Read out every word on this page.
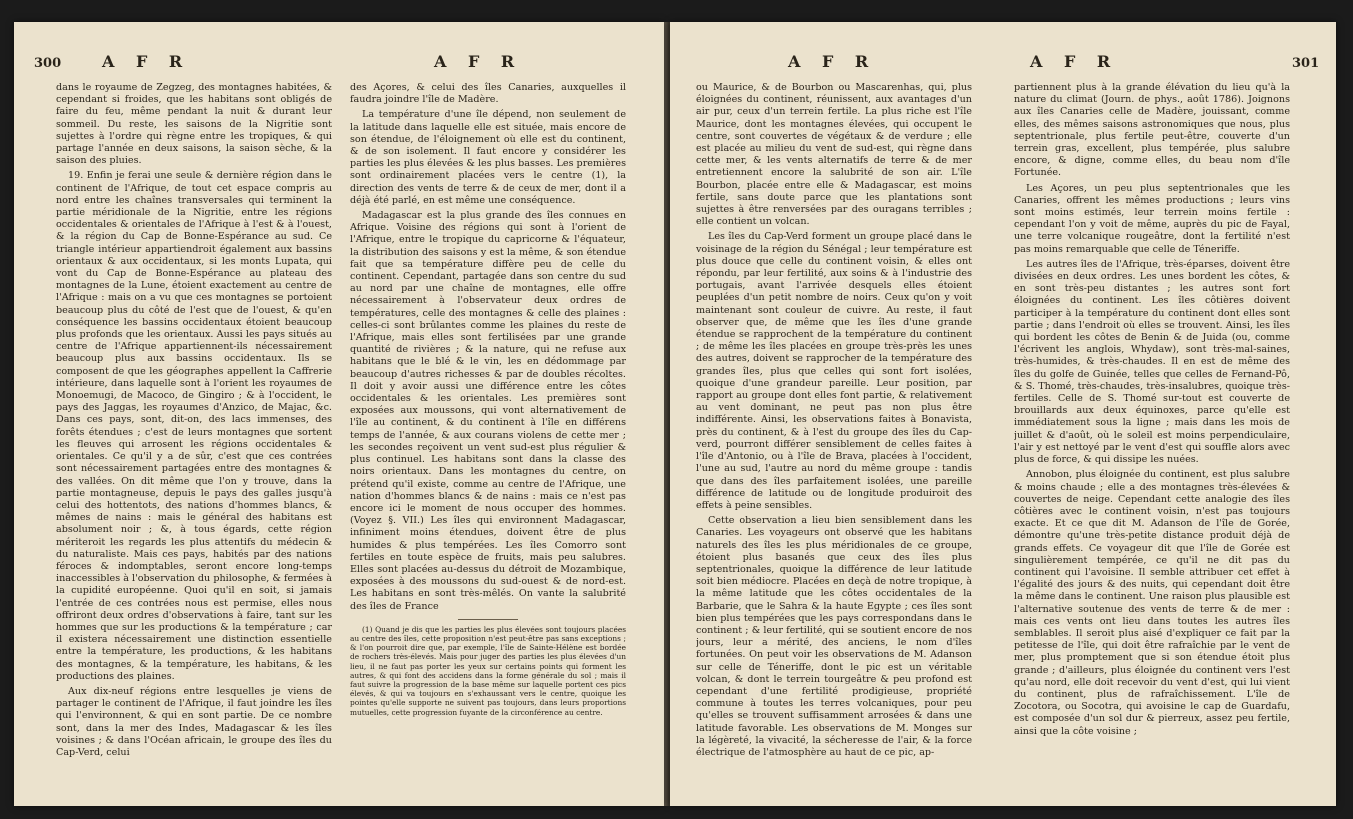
300	A F R	A F R

dans le royaume de Zegzeg, des montagnes habitées, & cependant si froides, que les habitans sont obligés de faire du feu, même pendant la nuit & durant leur sommeil. Du reste, les saisons de la Nigritie sont sujettes à l'ordre qui règne entre les tropiques, & qui partage l'année en deux saisons, la saison sèche, & la saison des pluies.

19. Enfin je ferai une seule & dernière région dans le continent de l'Afrique, de tout cet espace compris au nord entre les chaînes transversales qui terminent la partie méridionale de la Nigritie, entre les régions occidentales & orientales de l'Afrique à l'est & à l'ouest, & la région du Cap de Bonne-Espérance au sud. Ce triangle intérieur appartiendroit également aux bassins orientaux & aux occidentaux, si les monts Lupata, qui vont du Cap de Bonne-Espérance au plateau des montagnes de la Lune, étoient exactement au centre de l'Afrique : mais on a vu que ces montagnes se portoient beaucoup plus du côté de l'est que de l'ouest, & qu'en conséquence les bassins occidentaux étoient beaucoup plus profonds que les orientaux. Aussi les pays situés au centre de l'Afrique appartiennent-ils nécessairement beaucoup plus aux bassins occidentaux. Ils se composent de que les géographes appellent la Caffrerie intérieure, dans laquelle sont à l'orient les royaumes de Monoemugi, de Macoco, de Gingiro ; & à l'occident, le pays des Jaggas, les royaumes d'Anzico, de Majac, &c. Dans ces pays, sont, dit-on, des lacs immenses, des forêts étendues ; c'est de leurs montagnes que sortent les fleuves qui arrosent les régions occidentales & orientales. Ce qu'il y a de sûr, c'est que ces contrées sont nécessairement partagées entre des montagnes & des vallées. On dit même que l'on y trouve, dans la partie montagneuse, depuis le pays des galles jusqu'à celui des hottentots, des nations d'hommes blancs, & mêmes de nains : mais le général des habitans est absolument noir ; &, à tous égards, cette région mériteroit les regards les plus attentifs du médecin & du naturaliste. Mais ces pays, habités par des nations féroces & indomptables, seront encore long-temps inaccessibles à l'observation du philosophe, & fermées à la cupidité européenne. Quoi qu'il en soit, si jamais l'entrée de ces contrées nous est permise, elles nous offriront deux ordres d'observations à faire, tant sur les hommes que sur les productions & la température ; car il existera nécessairement une distinction essentielle entre la température, les productions, & les habitans des montagnes, & la température, les habitans, & les productions des plaines.

Aux dix-neuf régions entre lesquelles je viens de partager le continent de l'Afrique, il faut joindre les îles qui l'environnent, & qui en sont partie. De ce nombre sont, dans la mer des Indes, Madagascar & les îles voisines ; & dans l'Océan africain, le groupe des îles du Cap-Verd, celui

des Açores, & celui des îles Canaries, auxquelles il faudra joindre l'île de Madère.

La température d'une île dépend, non seulement de la latitude dans laquelle elle est située, mais encore de son étendue, de l'éloignement où elle est du continent, & de son isolement. Il faut encore y considérer les parties les plus élevées & les plus basses. Les premières sont ordinairement placées vers le centre (1), la direction des vents de terre & de ceux de mer, dont il a déjà été parlé, en est même une conséquence.

Madagascar est la plus grande des îles connues en Afrique. Voisine des régions qui sont à l'orient de l'Afrique, entre le tropique du capricorne & l'équateur, la distribution des saisons y est la même, & son étendue fait que sa température diffère peu de celle du continent. Cependant, partagée dans son centre du sud au nord par une chaîne de montagnes, elle offre nécessairement à l'observateur deux ordres de températures, celle des montagnes & celle des plaines : celles-ci sont brûlantes comme les plaines du reste de l'Afrique, mais elles sont fertilisées par une grande quantité de rivières ; & la nature, qui ne refuse aux habitans que le blé & le vin, les en dédommage par beaucoup d'autres richesses & par de doubles récoltes. Il doit y avoir aussi une différence entre les côtes occidentales & les orientales. Les premières sont exposées aux moussons, qui vont alternativement de l'île au continent, & du continent à l'île en différens temps de l'année, & aux courans violens de cette mer ; les secondes reçoivent un vent sud-est plus régulier & plus continuel. Les habitans sont dans la classe des noirs orientaux. Dans les montagnes du centre, on prétend qu'il existe, comme au centre de l'Afrique, une nation d'hommes blancs & de nains : mais ce n'est pas encore ici le moment de nous occuper des hommes. (Voyez §. VII.) Les îles qui environnent Madagascar, infiniment moins étendues, doivent être de plus humides & plus tempérées. Les îles Comorro sont fertiles en toute espèce de fruits, mais peu salubres. Elles sont placées au-dessus du détroit de Mozambique, exposées à des moussons du sud-ouest & de nord-est. Les habitans en sont très-mêlés. On vante la salubrité des îles de France

(1) Quand je dis que les parties les plus élevées sont toujours placées au centre des îles, cette proposition n'est peut-être pas sans exceptions ; & l'on pourroit dire que, par exemple, l'île de Sainte-Hélène est bordée de rochers très-élevés. Mais pour juger des parties les plus élevées d'un lieu, il ne faut pas porter les yeux sur certains points qui forment les autres, & qui font des accidens dans la forme générale du sol ; mais il faut suivre la progression de la base même sur laquelle portent ces pics élevés, & qui va toujours en s'exhaussant vers le centre, quoique les pointes qu'elle supporte ne suivent pas toujours, dans leurs proportions mutuelles, cette progression fuyante de la circonférence au centre.

A F R	A F R	301

ou Maurice, & de Bourbon ou Mascarenhas, qui, plus éloignées du continent, réunissent, aux avantages d'un air pur, ceux d'un terrein fertile. La plus riche est l'île Maurice, dont les montagnes élevées, qui occupent le centre, sont couvertes de végétaux & de verdure ; elle est placée au milieu du vent de sud-est, qui règne dans cette mer, & les vents alternatifs de terre & de mer entretiennent encore la salubrité de son air. L'île Bourbon, placée entre elle & Madagascar, est moins fertile, sans doute parce que les plantations sont sujettes à être renversées par des ouragans terribles ; elle contient un volcan.

Les îles du Cap-Verd forment un groupe placé dans le voisinage de la région du Sénégal ; leur température est plus douce que celle du continent voisin, & elles ont répondu, par leur fertilité, aux soins & à l'industrie des portugais, avant l'arrivée desquels elles étoient peuplées d'un petit nombre de noirs. Ceux qu'on y voit maintenant sont couleur de cuivre. Au reste, il faut observer que, de même que les îles d'une grande étendue se rapprochent de la température du continent ; de même les îles placées en groupe très-près les unes des autres, doivent se rapprocher de la température des grandes îles, plus que celles qui sont fort isolées, quoique d'une grandeur pareille. Leur position, par rapport au groupe dont elles font partie, & relativement au vent dominant, ne peut pas non plus être indifférente. Ainsi, les observations faites à Bonavista, près du continent, & à l'est du groupe des îles du Cap-verd, pourront différer sensiblement de celles faites à l'île d'Antonio, ou à l'île de Brava, placées à l'occident, l'une au sud, l'autre au nord du même groupe : tandis que dans des îles parfaitement isolées, une pareille différence de latitude ou de longitude produiroit des effets à peine sensibles.

Cette observation a lieu bien sensiblement dans les Canaries. Les voyageurs ont observé que les habitans naturels des îles les plus méridionales de ce groupe, étoient plus basanés que ceux des îles plus septentrionales, quoique la différence de leur latitude soit bien médiocre. Placées en deçà de notre tropique, à la même latitude que les côtes occidentales de la Barbarie, que le Sahra & la haute Egypte ; ces îles sont bien plus tempérées que les pays correspondans dans le continent ; & leur fertilité, qui se soutient encore de nos jours, leur a mérité, des anciens, le nom d'îles fortunées. On peut voir les observations de M. Adanson sur celle de Téneriffe, dont le pic est un véritable volcan, & dont le terrein tourgeâtre & peu profond est cependant d'une fertilité prodigieuse, propriété commune à toutes les terres volcaniques, pour peu qu'elles se trouvent suffisamment arrosées & dans une latitude favorable. Les observations de M. Monges sur la légèreté, la vivacité, la sécheresse de l'air, & la force électrique de l'atmosphère au haut de ce pic, ap-

partiennent plus à la grande élévation du lieu qu'à la nature du climat (Journ. de phys., août 1786). Joignons aux îles Canaries celle de Madère, jouissant, comme elles, des mêmes saisons astronomiques que nous, plus septentrionale, plus fertile peut-être, couverte d'un terrein gras, excellent, plus tempérée, plus salubre encore, & digne, comme elles, du beau nom d'île Fortunée.

Les Açores, un peu plus septentrionales que les Canaries, offrent les mêmes productions ; leurs vins sont moins estimés, leur terrein moins fertile : cependant l'on y voit de même, auprès du pic de Fayal, une terre volcanique rougeâtre, dont la fertilité n'est pas moins remarquable que celle de Téneriffe.

Les autres îles de l'Afrique, très-éparses, doivent être divisées en deux ordres. Les unes bordent les côtes, & en sont très-peu distantes ; les autres sont fort éloignées du continent. Les îles côtières doivent participer à la température du continent dont elles sont partie ; dans l'endroit où elles se trouvent. Ainsi, les îles qui bordent les côtes de Benin & de Juida (ou, comme l'écrivent les anglois, Whydaw), sont très-mal-saines, très-humides, & très-chaudes. Il en est de même des îles du golfe de Guinée, telles que celles de Fernand-Pô, & S. Thomé, très-chaudes, très-insalubres, quoique très-fertiles. Celle de S. Thomé sur-tout est couverte de brouillards aux deux équinoxes, parce qu'elle est immédiatement sous la ligne ; mais dans les mois de juillet & d'août, où le soleil est moins perpendiculaire, l'air y est nettoyé par le vent d'est qui souffle alors avec plus de force, & qui dissipe les nuées.

Annobon, plus éloignée du continent, est plus salubre & moins chaude ; elle a des montagnes très-élevées & couvertes de neige. Cependant cette analogie des îles côtières avec le continent voisin, n'est pas toujours exacte. Et ce que dit M. Adanson de l'île de Gorée, démontre qu'une très-petite distance produit déjà de grands effets. Ce voyageur dit que l'île de Gorée est singulièrement tempérée, ce qu'il ne dit pas du continent qui l'avoisine. Il semble attribuer cet effet à l'égalité des jours & des nuits, qui cependant doit être la même dans le continent. Une raison plus plausible est l'alternative soutenue des vents de terre & de mer : mais ces vents ont lieu dans toutes les autres îles semblables. Il seroit plus aisé d'expliquer ce fait par la petitesse de l'île, qui doit être rafraîchie par le vent de mer, plus promptement que si son étendue étoit plus grande ; d'ailleurs, plus éloignée du continent vers l'est qu'au nord, elle doit recevoir du vent d'est, qui lui vient du continent, plus de rafraîchissement. L'île de Zocotora, ou Socotra, qui avoisine le cap de Guardafu, est composée d'un sol dur & pierreux, assez peu fertile, ainsi que la côte voisine ;
